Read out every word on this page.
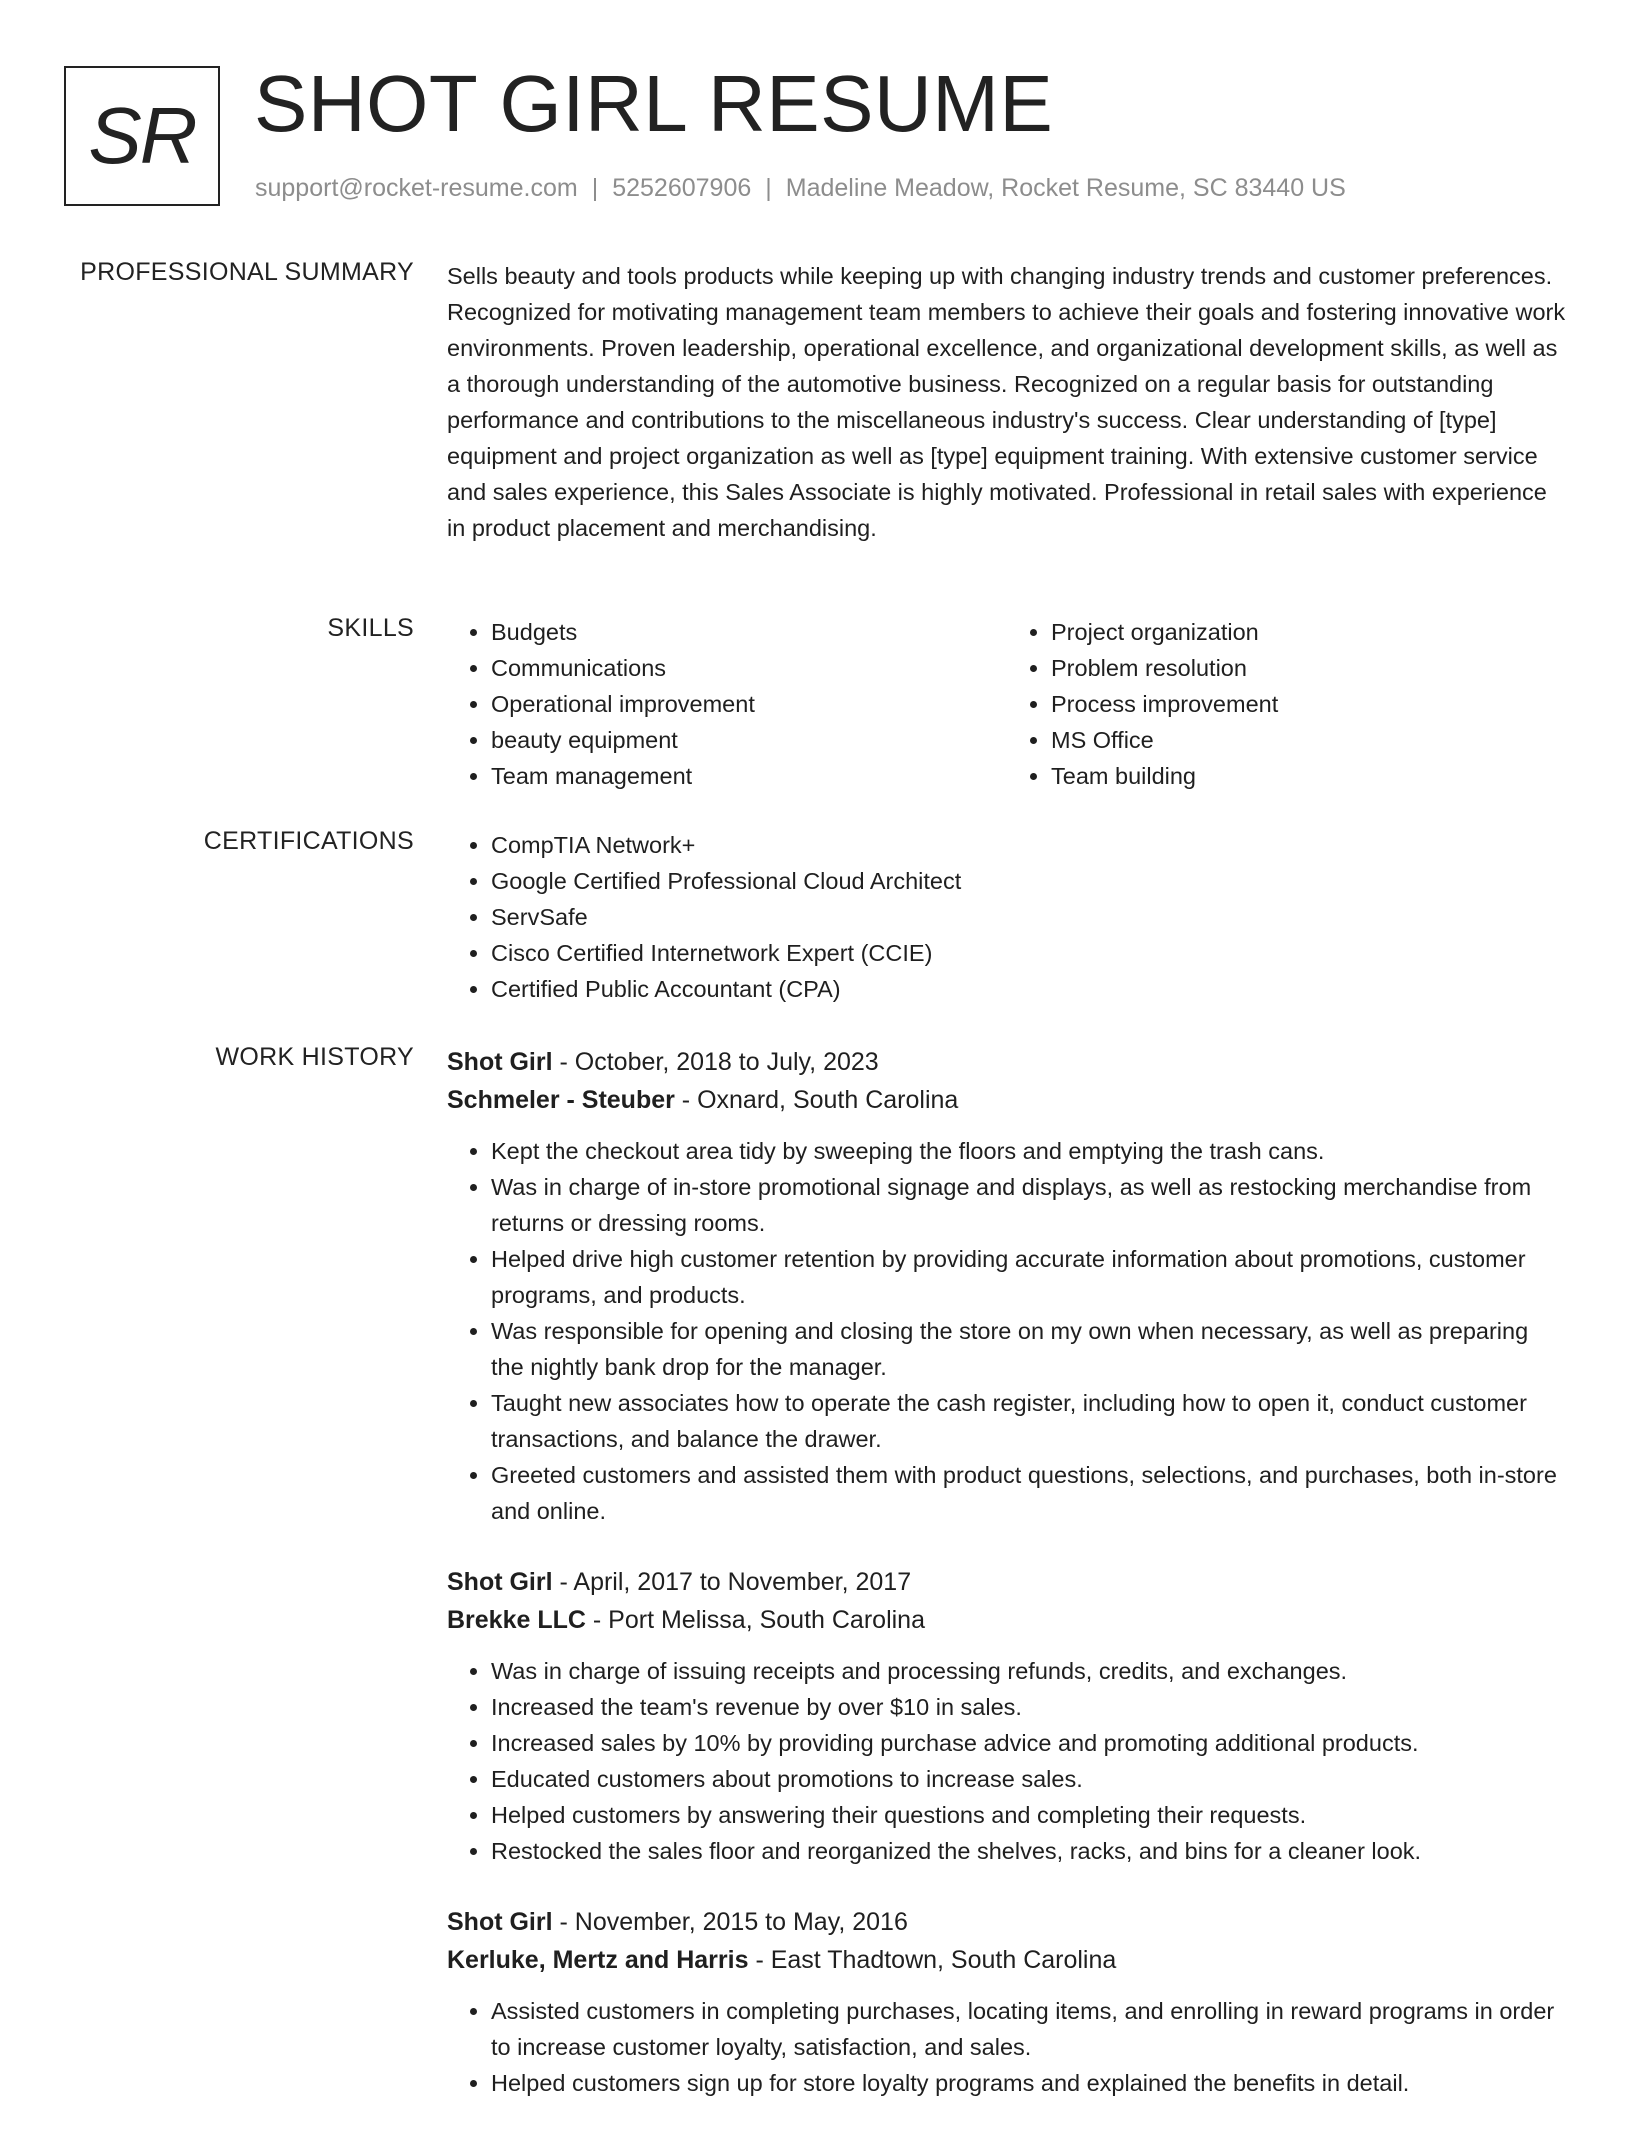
SR SHOT GIRL RESUME
support@rocket-resume.com | 5252607906 | Madeline Meadow, Rocket Resume, SC 83440 US
PROFESSIONAL SUMMARY Sells beauty and tools products while keeping up with changing industry trends and customer preferences. Recognized for motivating management team members to achieve their goals and fostering innovative work environments. Proven leadership, operational excellence, and organizational development skills, as well as a thorough understanding of the automotive business. Recognized on a regular basis for outstanding performance and contributions to the miscellaneous industry's success. Clear understanding of [type] equipment and project organization as well as [type] equipment training. With extensive customer service and sales experience, this Sales Associate is highly motivated. Professional in retail sales with experience in product placement and merchandising.

SKILLS	• Budgets
• Communications
• Operational improvement
• beauty equipment
• Team management
• Project organization
• Problem resolution
• Process improvement
• MS Office
• Team building
CERTIFICATIONS	• CompTIA Network+
• Google Certified Professional Cloud Architect
• ServSafe
• Cisco Certified Internetwork Expert (CCIE)
• Certified Public Accountant (CPA)
WORK HISTORY Shot Girl - October, 2018 to July, 2023
Schmeler - Steuber - Oxnard, South Carolina
• Kept the checkout area tidy by sweeping the floors and emptying the trash cans.
• Was in charge of in-store promotional signage and displays, as well as restocking merchandise from returns or dressing rooms.
• Helped drive high customer retention by providing accurate information about promotions, customer programs, and products.
• Was responsible for opening and closing the store on my own when necessary, as well as preparing the nightly bank drop for the manager.
• Taught new associates how to operate the cash register, including how to open it, conduct customer transactions, and balance the drawer.
• Greeted customers and assisted them with product questions, selections, and purchases, both in-store and online.
Shot Girl - April, 2017 to November, 2017
Brekke LLC - Port Melissa, South Carolina
• Was in charge of issuing receipts and processing refunds, credits, and exchanges.
• Increased the team's revenue by over $10 in sales.
• Increased sales by 10% by providing purchase advice and promoting additional products.
• Educated customers about promotions to increase sales.
• Helped customers by answering their questions and completing their requests.
• Restocked the sales floor and reorganized the shelves, racks, and bins for a cleaner look.
Shot Girl - November, 2015 to May, 2016
Kerluke, Mertz and Harris - East Thadtown, South Carolina
• Assisted customers in completing purchases, locating items, and enrolling in reward programs in order to increase customer loyalty, satisfaction, and sales.
• Helped customers sign up for store loyalty programs and explained the benefits in detail.
